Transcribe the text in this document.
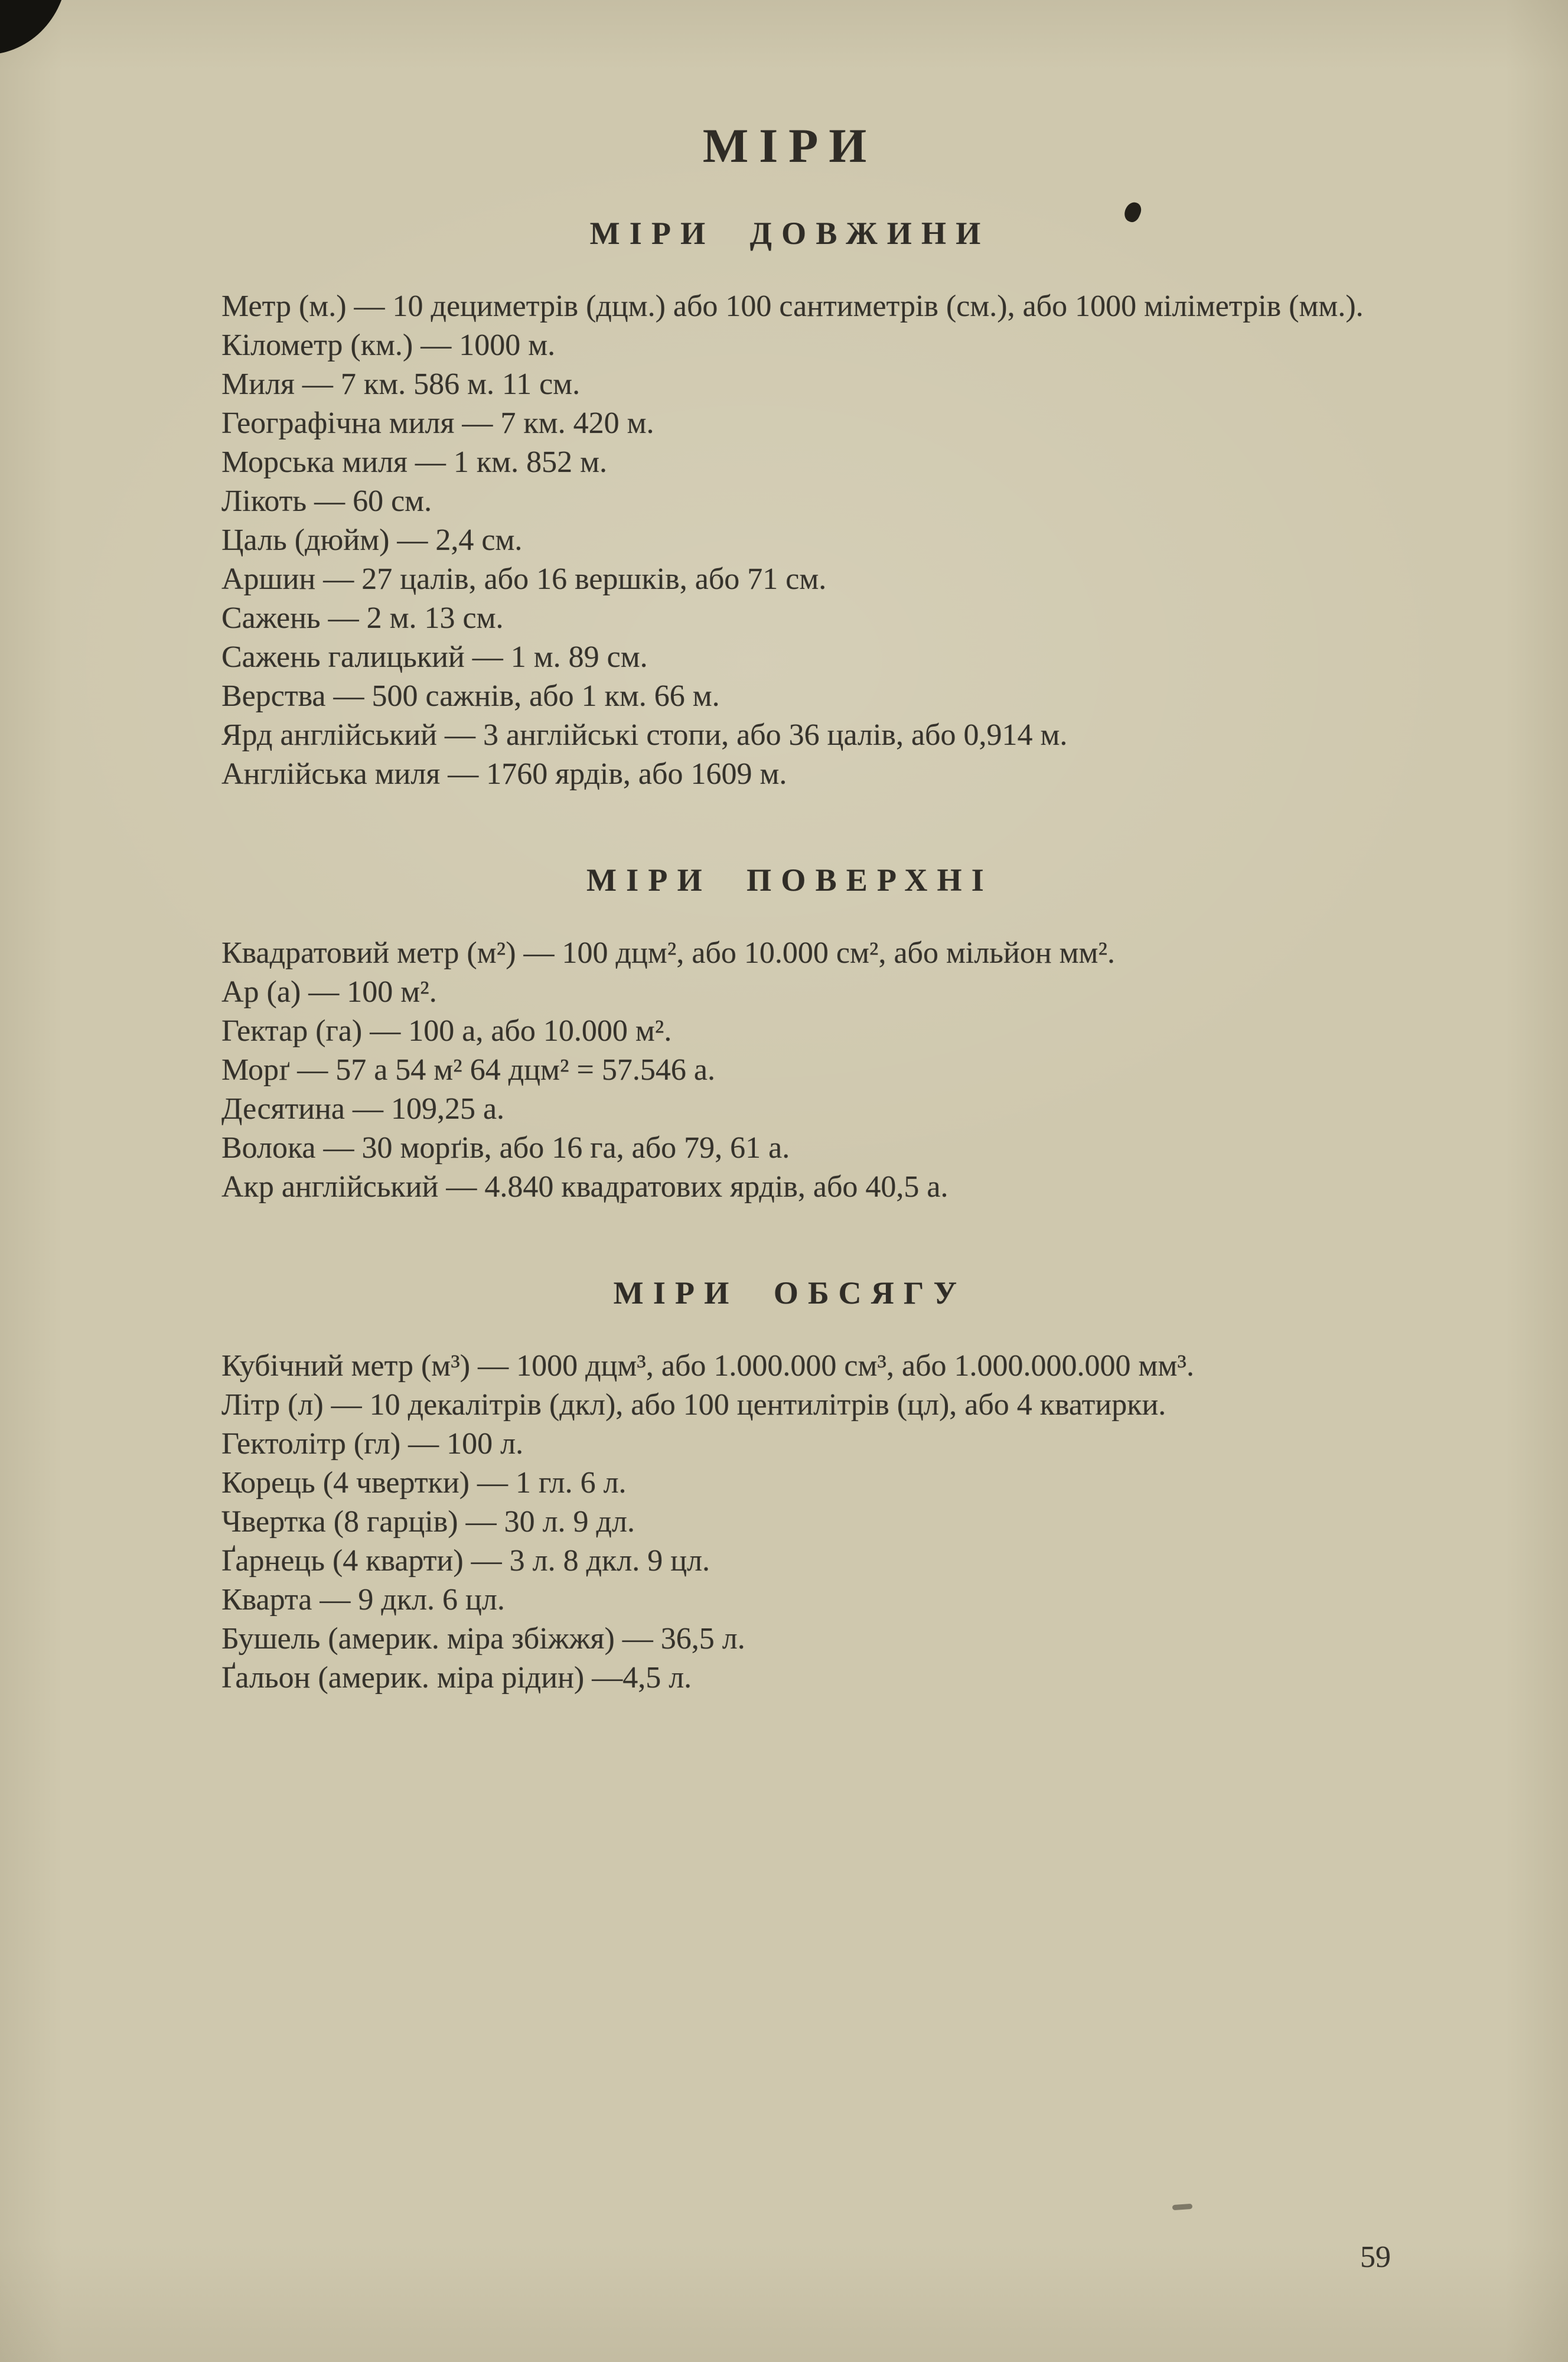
МІРИ
МІРИ ДОВЖИНИ

Метр (м.) — 10 дециметрів (дцм.) або 100 сантиметрів (см.), або 1000 міліметрів (мм.).

Кілометр (км.) — 1000 м.

Миля — 7 км. 586 м. 11 см.

Географічна миля — 7 км. 420 м.

Морська миля — 1 км. 852 м.

Лікоть — 60 см.

Цаль (дюйм) — 2,4 см.

Аршин — 27 цалів, або 16 вершків, або 71 см.

Сажень — 2 м. 13 см.

Сажень галицький — 1 м. 89 см.

Верства — 500 сажнів, або 1 км. 66 м.

Ярд англійський — 3 англійські стопи, або 36 цалів, або 0,914 м.

Англійська миля — 1760 ярдів, або 1609 м.

МІРИ ПОВЕРХНІ

Квадратовий метр (м²) — 100 дцм², або 10.000 см², або мільйон мм².

Ар (а) — 100 м².

Гектар (га) — 100 а, або 10.000 м².

Морґ — 57 а 54 м² 64 дцм² = 57.546 а.

Десятина — 109,25 а.

Волока — 30 морґів, або 16 га, або 79, 61 а.

Акр англійський — 4.840 квадратових ярдів, або 40,5 а.

МІРИ ОБСЯГУ

Кубічний метр (м³) — 1000 дцм³, або 1.000.000 см³, або 1.000.000.000 мм³.

Літр (л) — 10 декалітрів (дкл), або 100 центилітрів (цл), або 4 кватирки.

Гектолітр (гл) — 100 л.

Корець (4 чвертки) — 1 гл. 6 л.

Чвертка (8 гарців) — 30 л. 9 дл.

Ґарнець (4 кварти) — 3 л. 8 дкл. 9 цл.

Кварта — 9 дкл. 6 цл.

Бушель (америк. міра збіжжя) — 36,5 л.

Ґальон (америк. міра рідин) —4,5 л.

59
